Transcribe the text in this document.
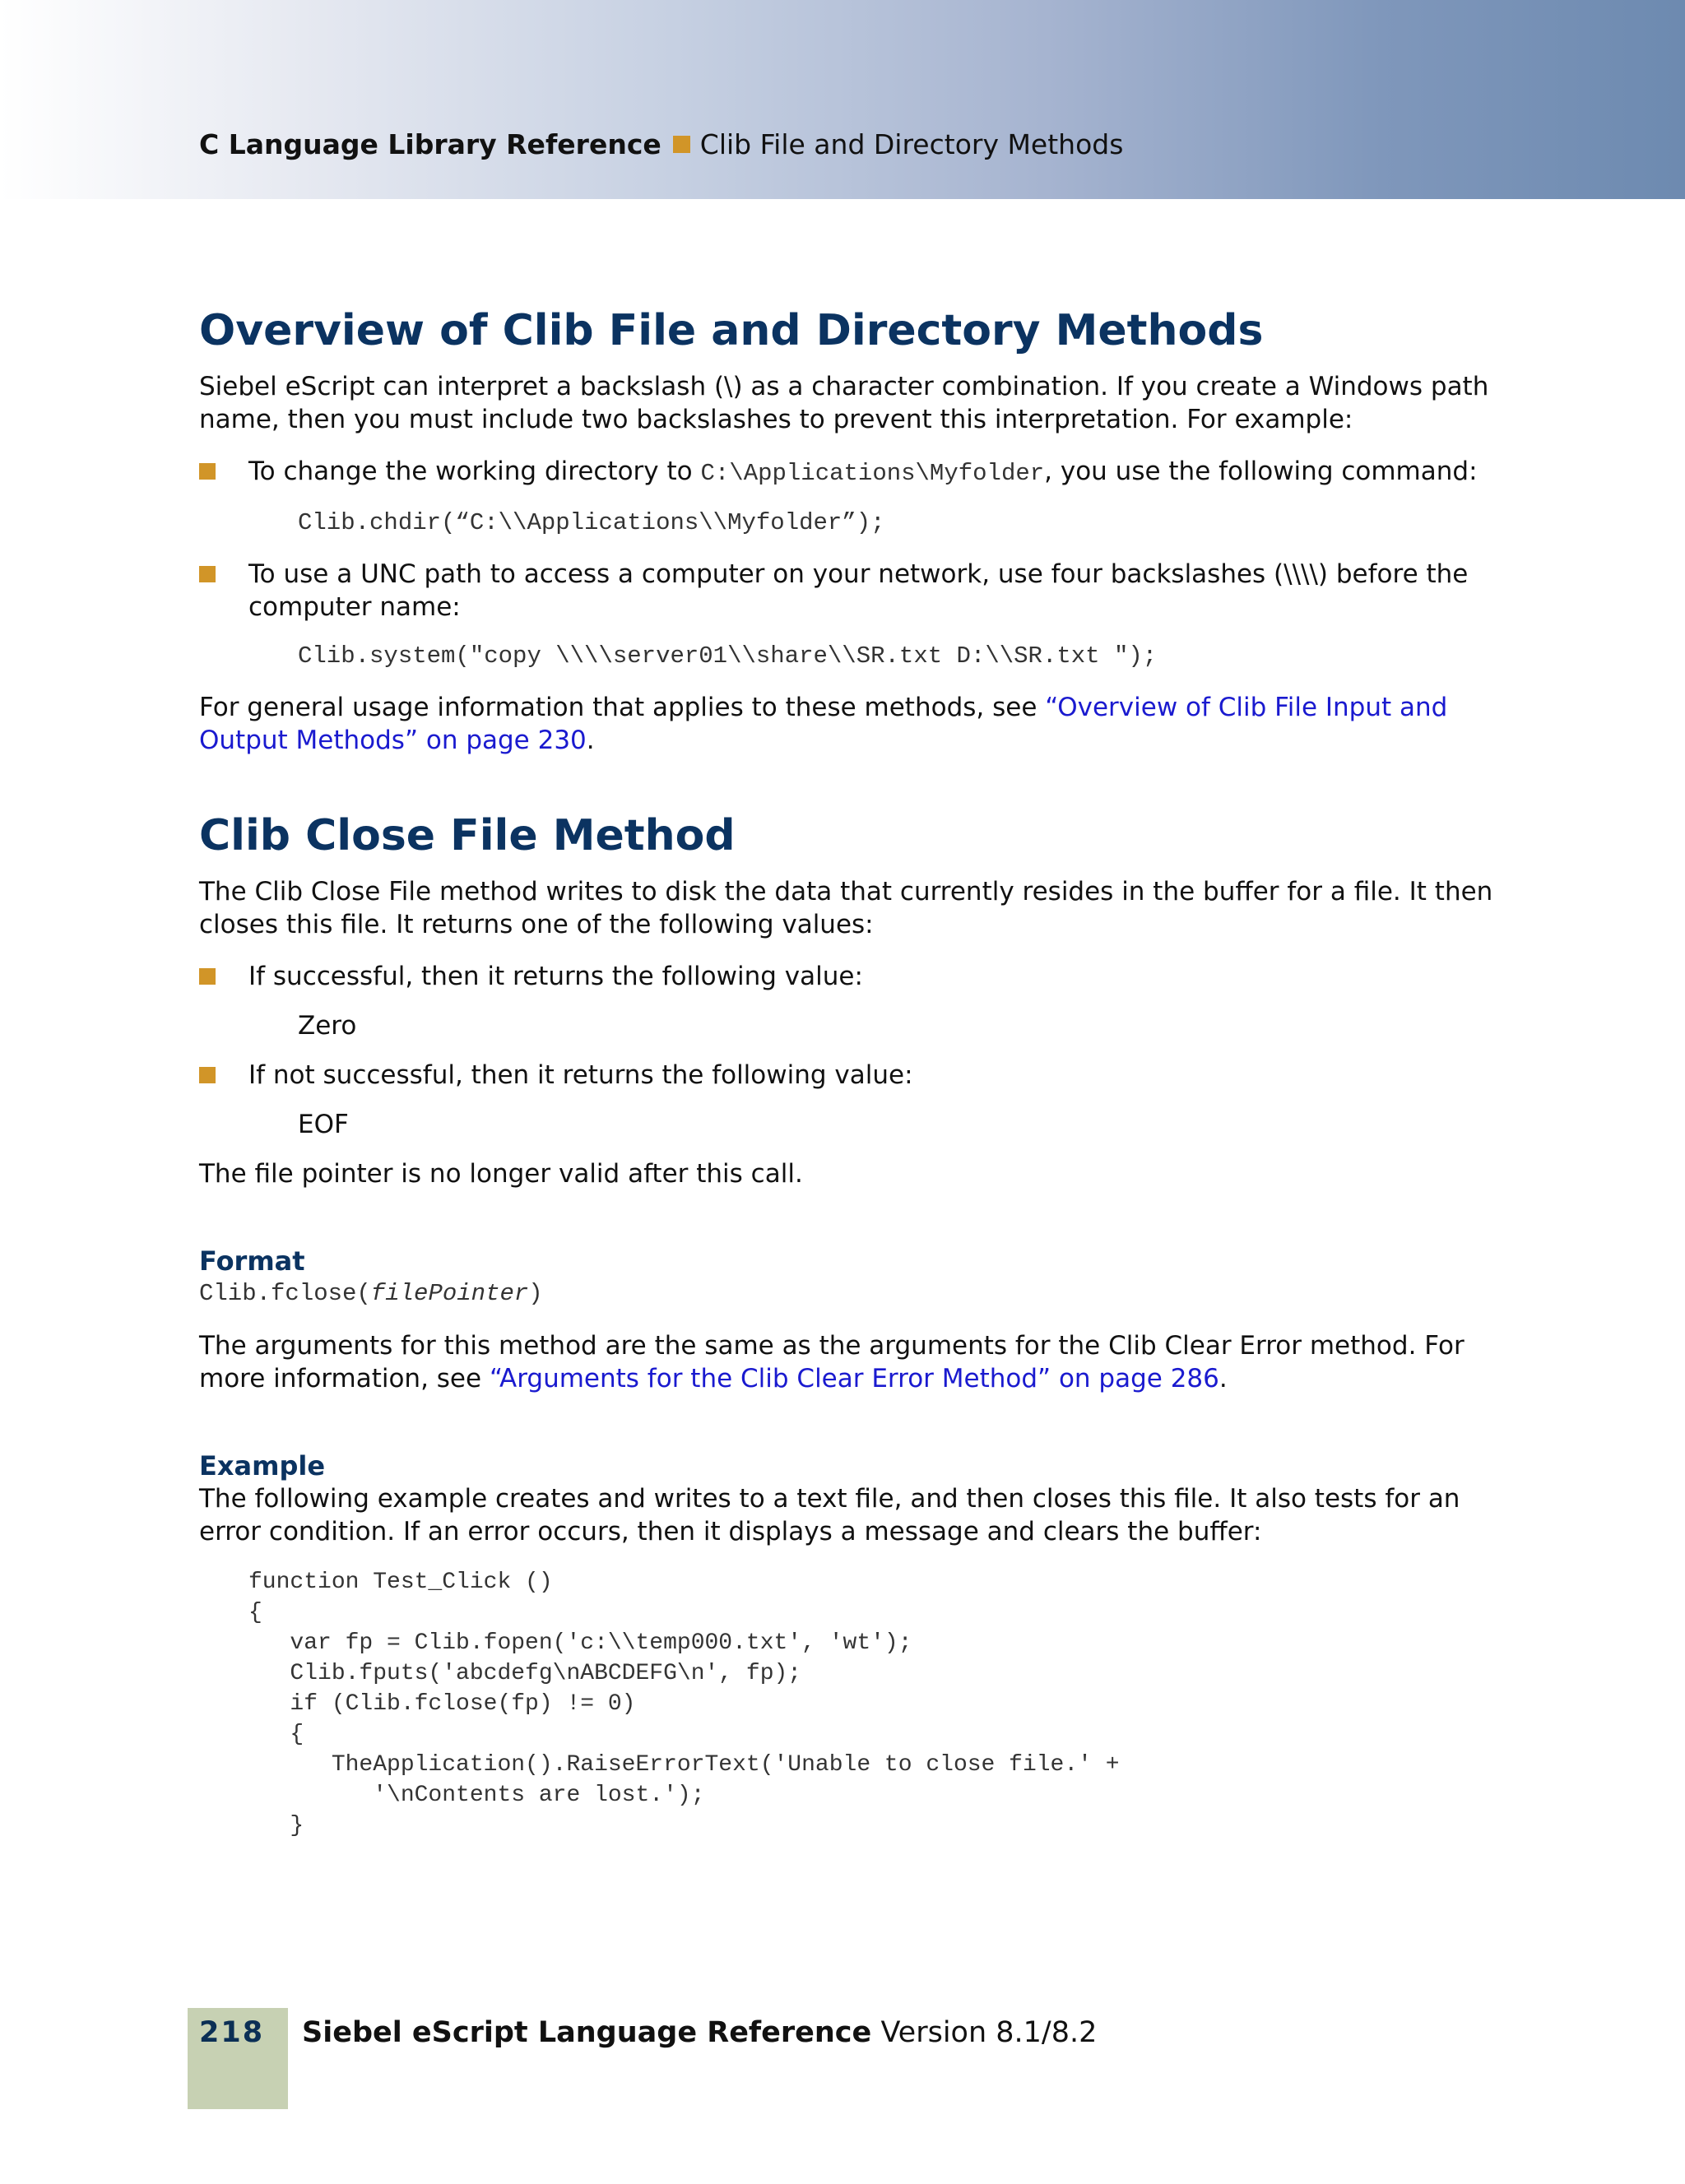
C Language Library Reference Clib File and Directory Methods
Overview of Clib File and Directory Methods

Siebel eScript can interpret a backslash (\) as a character combination. If you create a Windows path name, then you must include two backslashes to prevent this interpretation. For example:

To change the working directory to C:\Applications\Myfolder, you use the following command:
Clib.chdir(“C:\\Applications\\Myfolder”);
To use a UNC path to access a computer on your network, use four backslashes (\\\\) before the computer name:
Clib.system("copy \\\\server01\\share\\SR.txt D:\\SR.txt ");

For general usage information that applies to these methods, see “Overview of Clib File Input and Output Methods” on page 230.

Clib Close File Method

The Clib Close File method writes to disk the data that currently resides in the buffer for a file. It then closes this file. It returns one of the following values:

If successful, then it returns the following value:
Zero
If not successful, then it returns the following value:
EOF

The file pointer is no longer valid after this call.

Format
Clib.fclose(filePointer)

The arguments for this method are the same as the arguments for the Clib Clear Error method. For more information, see “Arguments for the Clib Clear Error Method” on page 286.

Example

The following example creates and writes to a text file, and then closes this file. It also tests for an error condition. If an error occurs, then it displays a message and clears the buffer:

function Test_Click ()
{
var fp = Clib.fopen('c:\\temp000.txt', 'wt');
Clib.fputs('abcdefg\nABCDEFG\n', fp);
if (Clib.fclose(fp) != 0)
{
TheApplication().RaiseErrorText('Unable to close file.' +
'\nContents are lost.');
}
218 Siebel eScript Language Reference Version 8.1/8.2
